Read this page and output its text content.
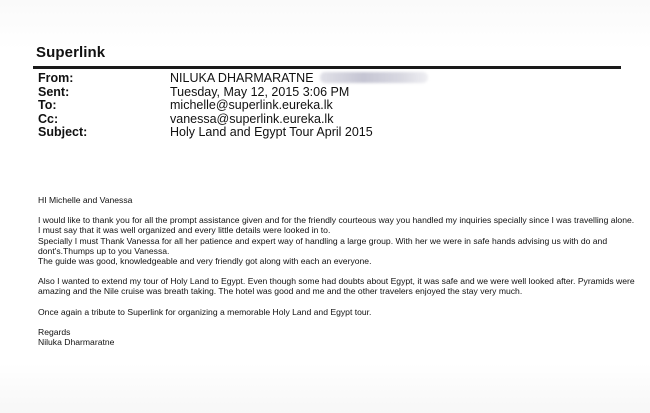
Superlink
From:	NILUKA DHARMARATNE
Sent:	Tuesday, May 12, 2015 3:06 PM
To:	michelle@superlink.eureka.lk
Cc:	vanessa@superlink.eureka.lk
Subject:	Holy Land and Egypt Tour April 2015

HI Michelle and Vanessa

I would like to thank you for all the prompt assistance given and for the friendly courteous way you handled my inquiries specially since I was travelling alone.
I must say that it was well organized and every little details were looked in to.
Specially I must Thank Vanessa for all her patience and expert way of handling a large group. With her we were in safe hands advising us with do and
dont's.Thumps up to you Vanessa.
The guide was good, knowledgeable and very friendly got along with each an everyone.
Also I wanted to extend my tour of Holy Land to Egypt. Even though some had doubts about Egypt, it was safe and we were well looked after. Pyramids were
amazing and the Nile cruise was breath taking. The hotel was good and me and the other travelers enjoyed the stay very much.

Once again a tribute to Superlink for organizing a memorable Holy Land and Egypt tour.

Regards

Niluka Dharmaratne
